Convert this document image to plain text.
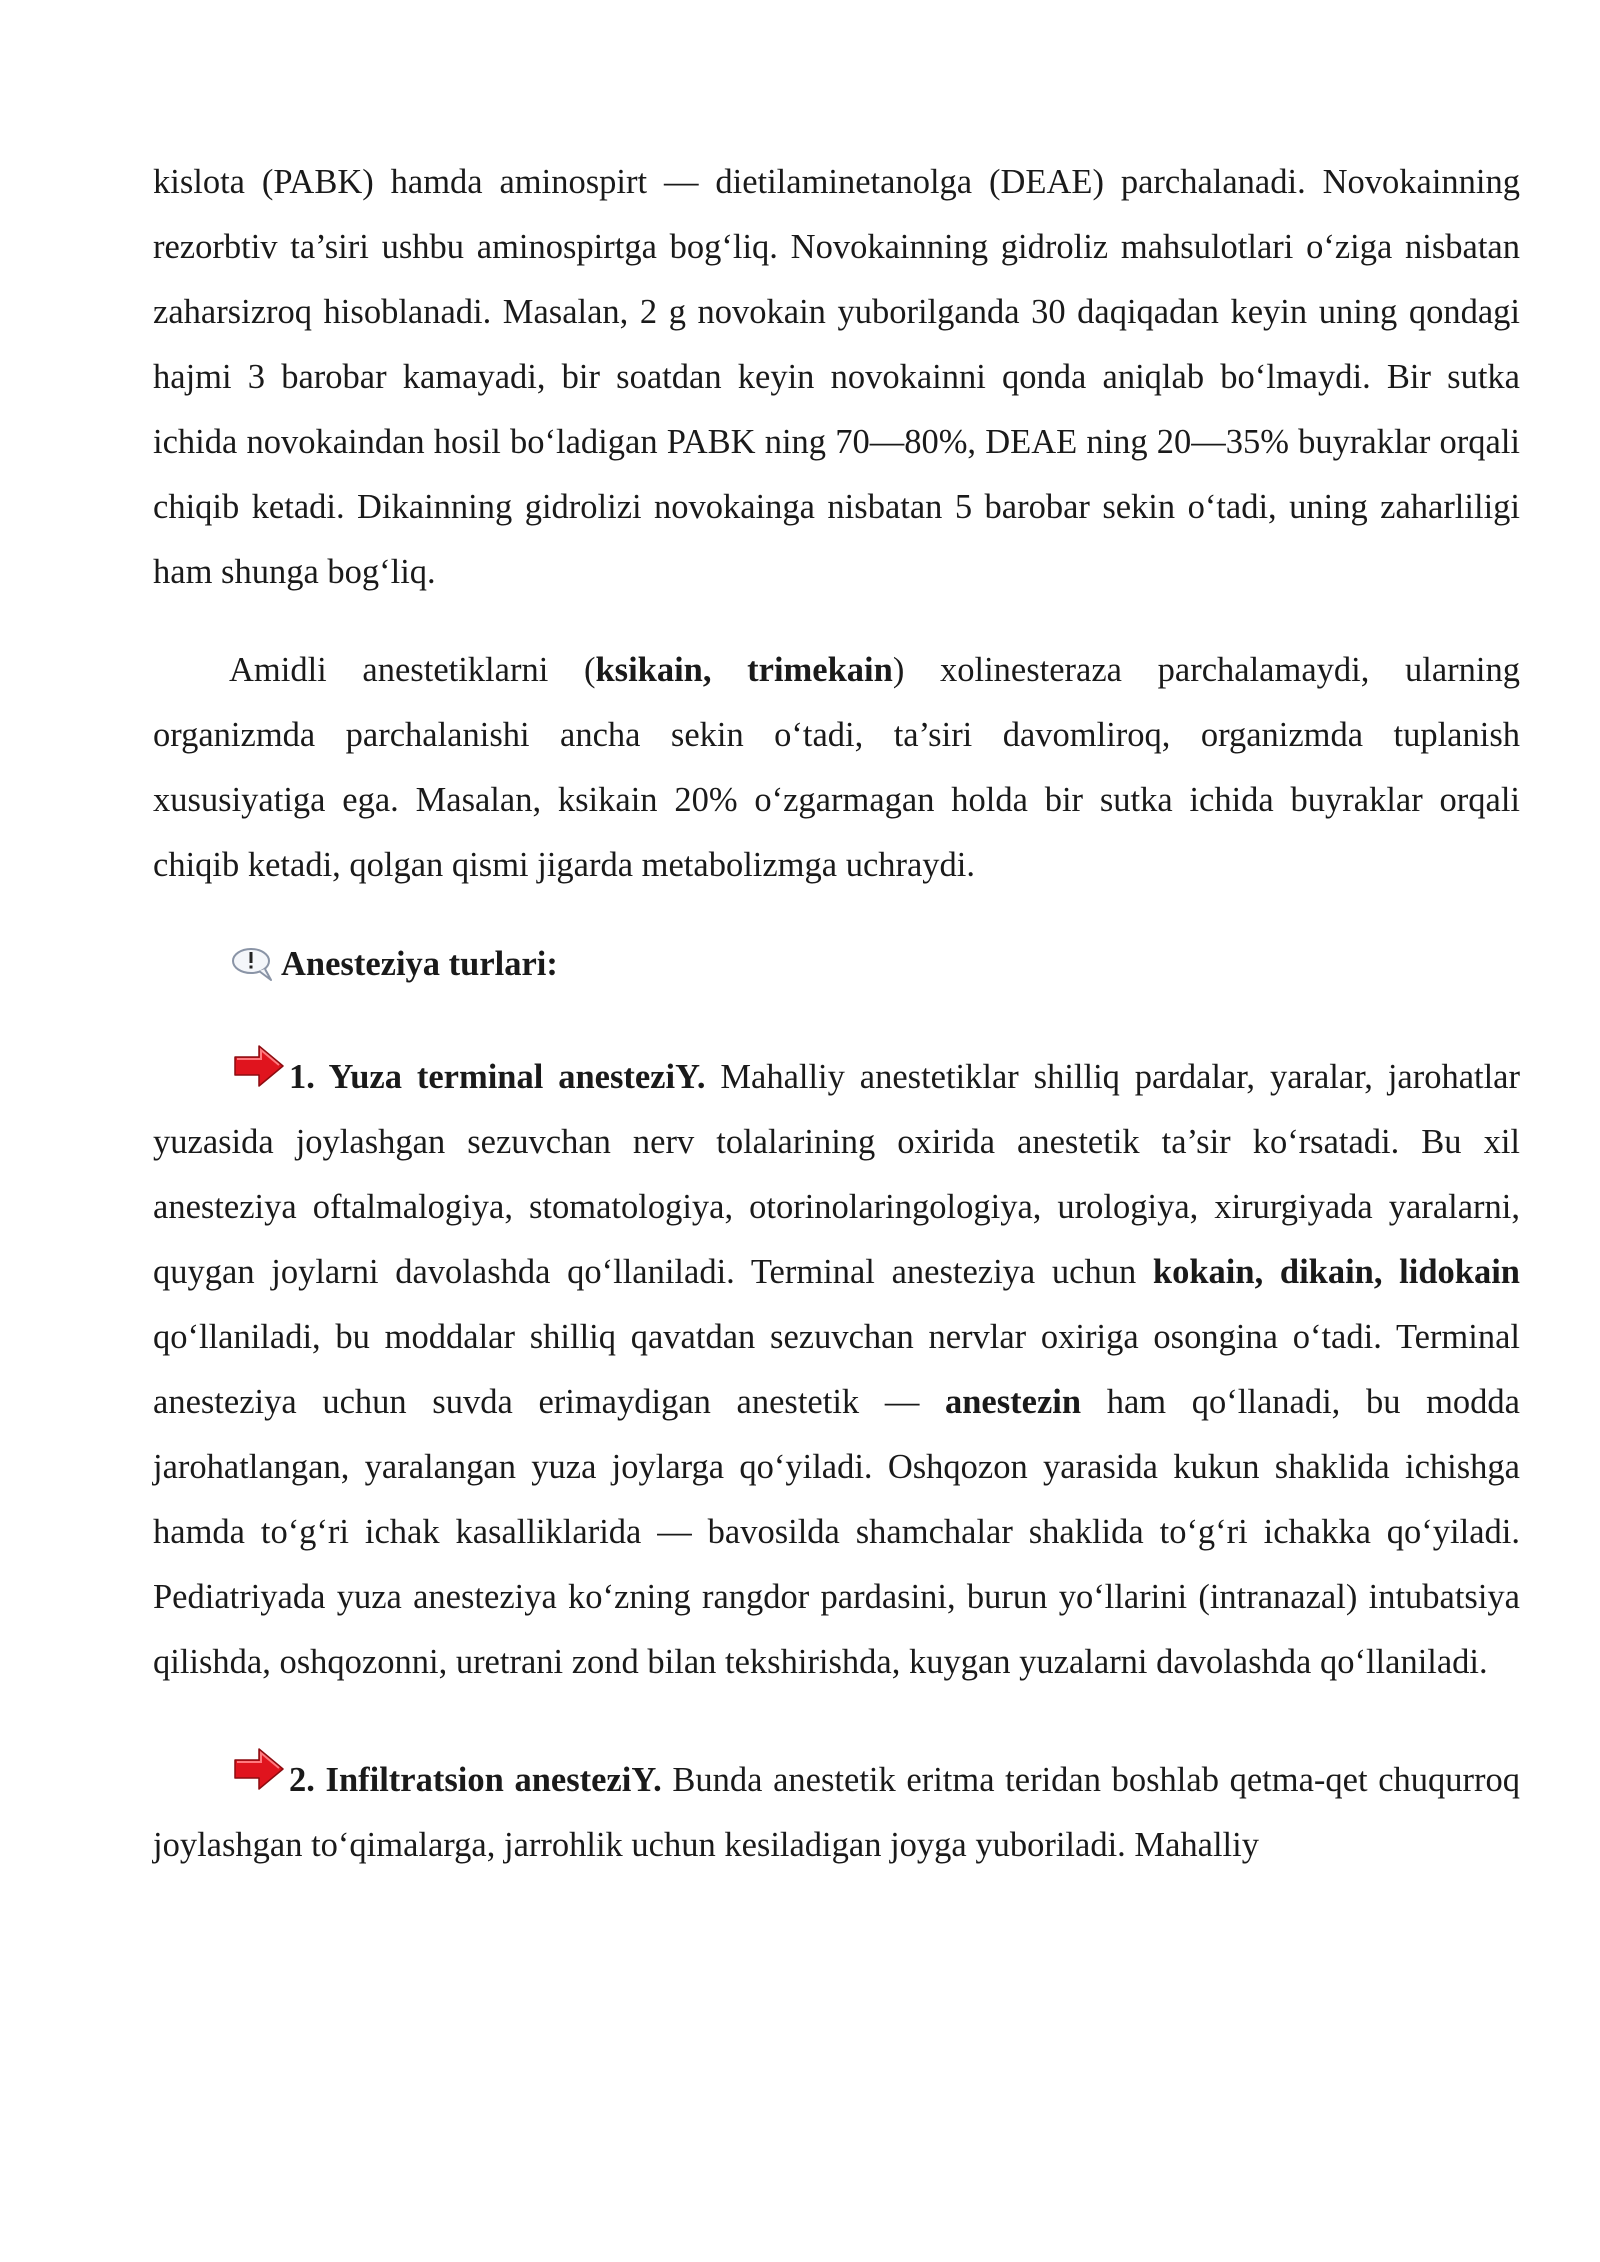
kislota (PABK) hamda aminospirt — dietilaminetanolga (DEAE) parchalanadi. Novokainning rezorbtiv ta’siri ushbu aminospirtga bog‘liq. Novokainning gidroliz mahsulotlari o‘ziga nisbatan zaharsizroq hisoblanadi. Masalan, 2 g novokain yuborilganda 30 daqiqadan keyin uning qondagi hajmi 3 barobar kamayadi, bir soatdan keyin novokainni qonda aniqlab bo‘lmaydi. Bir sutka ichida novokaindan hosil bo‘ladigan PABK ning 70—80%, DEAE ning 20—35% buyraklar orqali chiqib ketadi. Dikainning gidrolizi novokainga nisbatan 5 barobar sekin o‘tadi, uning zaharliligi ham shunga bog‘liq.

Amidli anestetiklarni (ksikain, trimekain) xolinesteraza parchalamaydi, ularning organizmda parchalanishi ancha sekin o‘tadi, ta’siri davomliroq, organizmda tuplanish xususiyatiga ega. Masalan, ksikain 20% o‘zgarmagan holda bir sutka ichida buyraklar orqali chiqib ketadi, qolgan qismi jigarda metabolizmga uchraydi.

Anesteziya turlari:

1. Yuza terminal anesteziY. Mahalliy anestetiklar shilliq pardalar, yaralar, jarohatlar yuzasida joylashgan sezuvchan nerv tolalarining oxirida anestetik ta’sir ko‘rsatadi. Bu xil anesteziya oftalmalogiya, stomatologiya, otorinolaringologiya, urologiya, xirurgiyada yaralarni, quygan joylarni davolashda qo‘llaniladi. Terminal anesteziya uchun kokain, dikain, lidokain qo‘llaniladi, bu moddalar shilliq qavatdan sezuvchan nervlar oxiriga osongina o‘tadi. Terminal anesteziya uchun suvda erimaydigan anestetik — anestezin ham qo‘llanadi, bu modda jarohatlangan, yaralangan yuza joylarga qo‘yiladi. Oshqozon yarasida kukun shaklida ichishga hamda to‘g‘ri ichak kasalliklarida — bavosilda shamchalar shaklida to‘g‘ri ichakka qo‘yiladi. Pediatriyada yuza anesteziya ko‘zning rangdor pardasini, burun yo‘llarini (intranazal) intubatsiya qilishda, oshqozonni, uretrani zond bilan tekshirishda, kuygan yuzalarni davolashda qo‘llaniladi.

2. Infiltratsion anesteziY. Bunda anestetik eritma teridan boshlab qetma-qet chuqurroq joylashgan to‘qimalarga, jarrohlik uchun kesiladigan joyga yuboriladi. Mahalliy
